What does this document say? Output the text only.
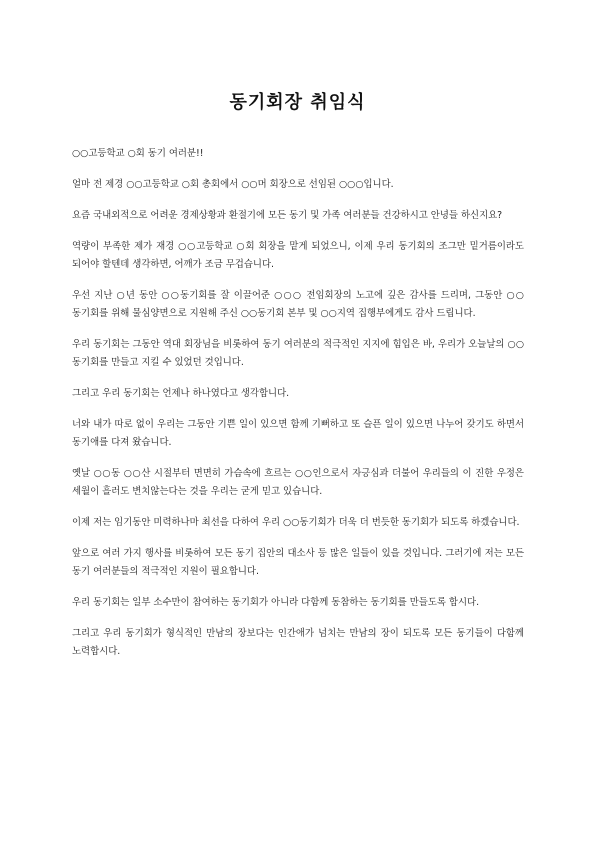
동기회장 취임식

○○고등학교 ○회 동기 여러분!!

얼마 전 제경 ○○고등학교 ○회 총회에서 ○○머 회장으로 선임된 ○○○입니다.

요즘 국내외적으로 어려운 경제상황과 환절기에 모든 동기 및 가족 여러분들 건강하시고 안녕들 하신지요?

역량이 부족한 제가 재경 ○○고등학교 ○회 회장을 맡게 되었으니, 이제 우리 동기회의 조그만 밑거름이라도 되어야 할텐데 생각하면, 어깨가 조금 무겁습니다.

우선 지난 ○년 동안 ○○동기회를 잘 이끌어준 ○○○ 전임회장의 노고에 깊은 감사를 드리며, 그동안 ○○동기회를 위해 물심양면으로 지원해 주신 ○○동기회 본부 및 ○○지역 집행부에게도 감사 드립니다.

우리 동기회는 그동안 역대 회장님을 비롯하여 동기 여러분의 적극적인 지지에 힘입은 바, 우리가 오늘날의 ○○동기회를 만들고 지킬 수 있었던 것입니다.

그리고 우리 동기회는 언제나 하나였다고 생각합니다.

너와 내가 따로 없이 우리는 그동안 기쁜 일이 있으면 함께 기뻐하고 또 슬픈 일이 있으면 나누어 갖기도 하면서 동기애를 다져 왔습니다.

옛날 ○○동 ○○산 시절부터 면면히 가슴속에 흐르는 ○○인으로서 자긍심과 더불어 우리들의 이 진한 우정은 세월이 흘러도 변치않는다는 것을 우리는 굳게 믿고 있습니다.

이제 저는 임기동안 미력하나마 최선을 다하여 우리 ○○동기회가 더욱 더 번듯한 동기회가 되도록 하겠습니다.

앞으로 여러 가지 행사를 비롯하여 모든 동기 집안의 대소사 등 많은 일들이 있을 것입니다. 그러기에 저는 모든 동기 여러분들의 적극적인 지원이 필요합니다.

우리 동기회는 일부 소수만이 참여하는 동기회가 아니라 다함께 동참하는 동기회를 만들도록 합시다.

그리고 우리 동기회가 형식적인 만남의 장보다는 인간애가 넘치는 만남의 장이 되도록 모든 동기들이 다함께 노력합시다.
